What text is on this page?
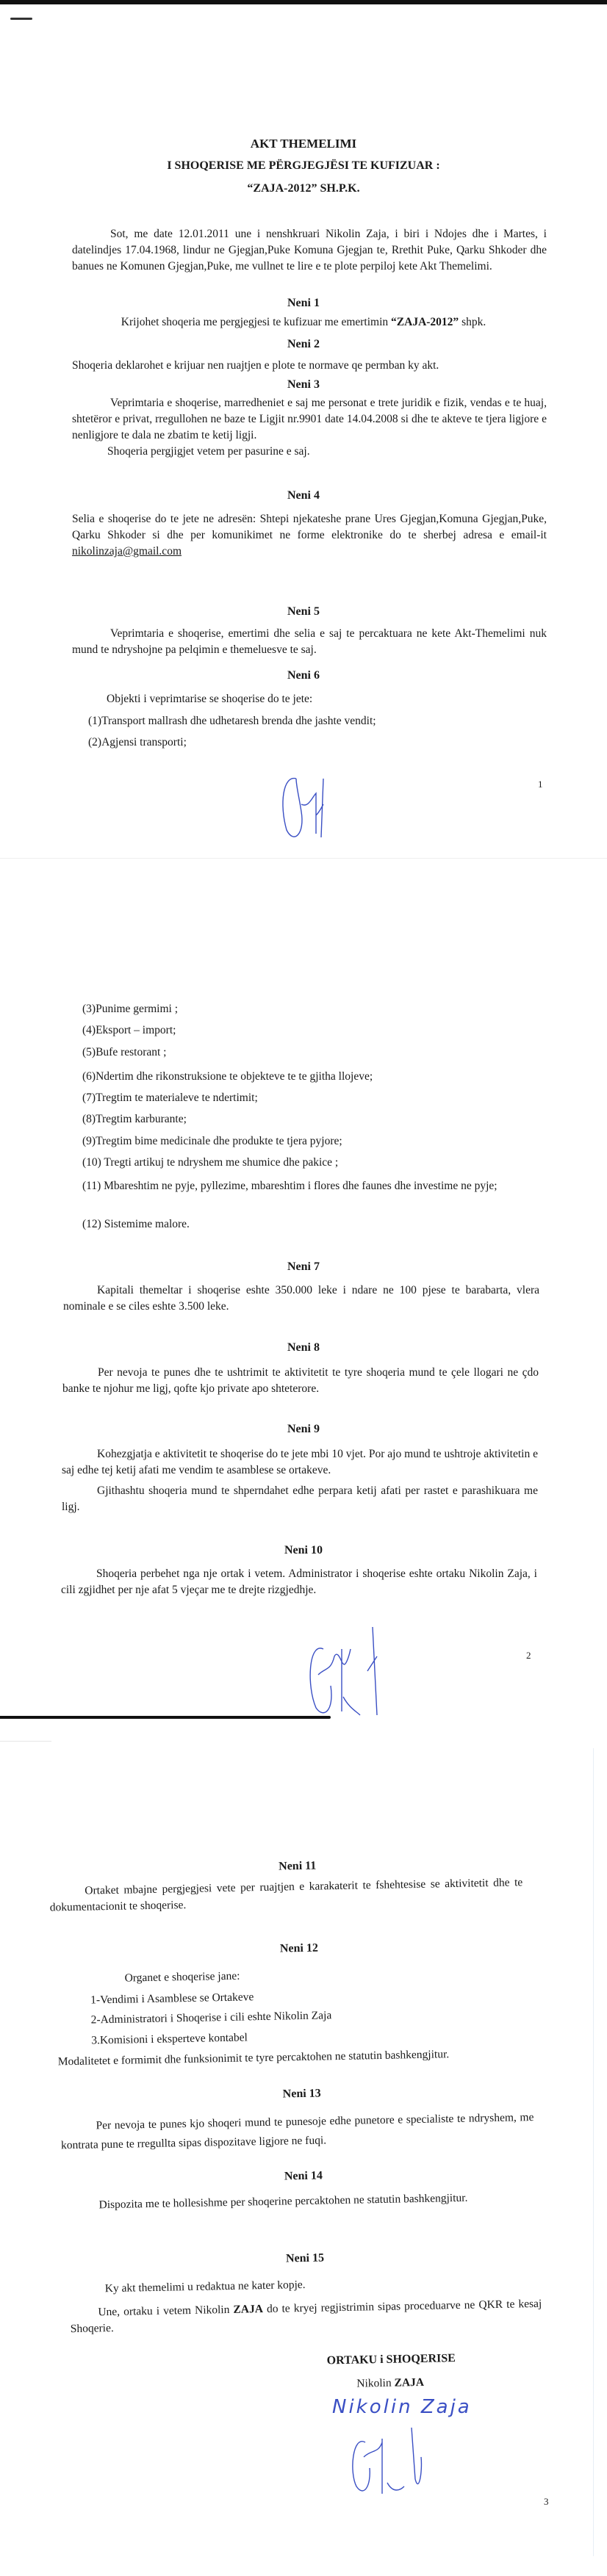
AKT THEMELIMI
I SHOQERISE ME PËRGJEGJËSI TE KUFIZUAR :
“ZAJA-2012” SH.P.K.
Sot, me date 12.01.2011 une i nenshkruari Nikolin Zaja, i biri i Ndojes dhe i Martes, i datelindjes 17.04.1968, lindur ne Gjegjan,Puke Komuna Gjegjan te, Rrethit Puke, Qarku Shkoder dhe banues ne Komunen Gjegjan,Puke, me vullnet te lire e te plote perpiloj kete Akt Themelimi.
Neni 1
Krijohet shoqeria me pergjegjesi te kufizuar me emertimin “ZAJA-2012” shpk.
Neni 2
Shoqeria deklarohet e krijuar nen ruajtjen e plote te normave qe permban ky akt.
Neni 3
Veprimtaria e shoqerise, marredheniet e saj me personat e trete juridik e fizik, vendas e te huaj, shtetëror e privat, rregullohen ne baze te Ligjit nr.9901 date 14.04.2008 si dhe te akteve te tjera ligjore e nenligjore te dala ne zbatim te ketij ligji.
Shoqeria pergjigjet vetem per pasurine e saj.
Neni 4
Selia e shoqerise do te jete ne adresën: Shtepi njekateshe prane Ures Gjegjan,Komuna Gjegjan,Puke, Qarku Shkoder si dhe per komunikimet ne forme elektronike do te sherbej adresa e email-it nikolinzaja@gmail.com
Neni 5
Veprimtaria e shoqerise, emertimi dhe selia e saj te percaktuara ne kete Akt-Themelimi nuk mund te ndryshojne pa pelqimin e themeluesve te saj.
Neni 6
Objekti i veprimtarise se shoqerise do te jete:
(1)Transport mallrash dhe udhetaresh brenda dhe jashte vendit;
(2)Agjensi transporti;
1
(3)Punime germimi ;
(4)Eksport – import;
(5)Bufe restorant ;
(6)Ndertim dhe rikonstruksione te objekteve te te gjitha llojeve;
(7)Tregtim te materialeve te ndertimit;
(8)Tregtim karburante;
(9)Tregtim bime medicinale dhe produkte te tjera pyjore;
(10) Tregti artikuj te ndryshem me shumice dhe pakice ;
(11) Mbareshtim ne pyje, pyllezime, mbareshtim i flores dhe faunes dhe investime ne pyje;
(12) Sistemime malore.
Neni 7
Kapitali themeltar i shoqerise eshte 350.000 leke i ndare ne 100 pjese te barabarta, vlera nominale e se ciles eshte 3.500 leke.
Neni 8
Per nevoja te punes dhe te ushtrimit te aktivitetit te tyre shoqeria mund te çele llogari ne çdo banke te njohur me ligj, qofte kjo private apo shteterore.
Neni 9
Kohezgjatja e aktivitetit te shoqerise do te jete mbi 10 vjet. Por ajo mund te ushtroje aktivitetin e saj edhe tej ketij afati me vendim te asamblese se ortakeve.
Gjithashtu shoqeria mund te shperndahet edhe perpara ketij afati per rastet e parashikuara me ligj.
Neni 10
Shoqeria perbehet nga nje ortak i vetem. Administrator i shoqerise eshte ortaku Nikolin Zaja, i cili zgjidhet per nje afat 5 vjeçar me te drejte rizgjedhje.
2
Neni 11
Ortaket mbajne pergjegjesi vete per ruajtjen e karakaterit te fshehtesise se aktivitetit dhe te dokumentacionit te shoqerise.
Neni 12
Organet e shoqerise jane:
1-Vendimi i Asamblese se Ortakeve
2-Administratori i Shoqerise i cili eshte Nikolin Zaja
3.Komisioni i eksperteve kontabel
Modalitetet e formimit dhe funksionimit te tyre percaktohen ne statutin bashkengjitur.
Neni 13
Per nevoja te punes kjo shoqeri mund te punesoje edhe punetore e specialiste te ndryshem, me kontrata pune te rregullta sipas dispozitave ligjore ne fuqi.
Neni 14
Dispozita me te hollesishme per shoqerine percaktohen ne statutin bashkengjitur.
Neni 15
Ky akt themelimi u redaktua ne kater kopje.
Une, ortaku i vetem Nikolin ZAJA do te kryej regjistrimin sipas proceduarve ne QKR te kesaj Shoqerie.
ORTAKU i SHOQERISE
Nikolin ZAJA
Nikolin Zaja
3
